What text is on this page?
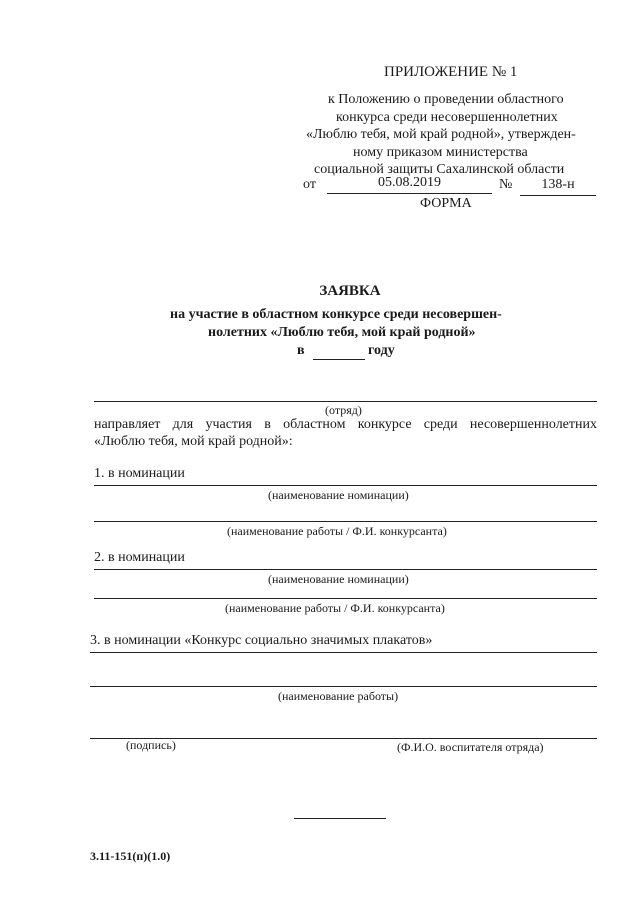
ПРИЛОЖЕНИЕ № 1
к Положению о проведении областного
конкурса среди несовершеннолетних
«Люблю тебя, мой край родной», утвержден-
ному приказом министерства
социальной защиты Сахалинской области
от	05.08.2019	№	138-н
ФОРМА
ЗАЯВКА
на участие в областном конкурсе среди несовершен-
нолетних «Люблю тебя, мой край родной»
в	году
(отряд)
направляет для участия в областном конкурсе среди несовершеннолетних
«Люблю тебя, мой край родной»:
1. в номинации
(наименование номинации)
(наименование работы / Ф.И. конкурсанта)
2. в номинации
(наименование номинации)
(наименование работы / Ф.И. конкурсанта)
3. в номинации «Конкурс социально значимых плакатов»
(наименование работы)
(подпись)	(Ф.И.О. воспитателя отряда)
3.11-151(п)(1.0)
